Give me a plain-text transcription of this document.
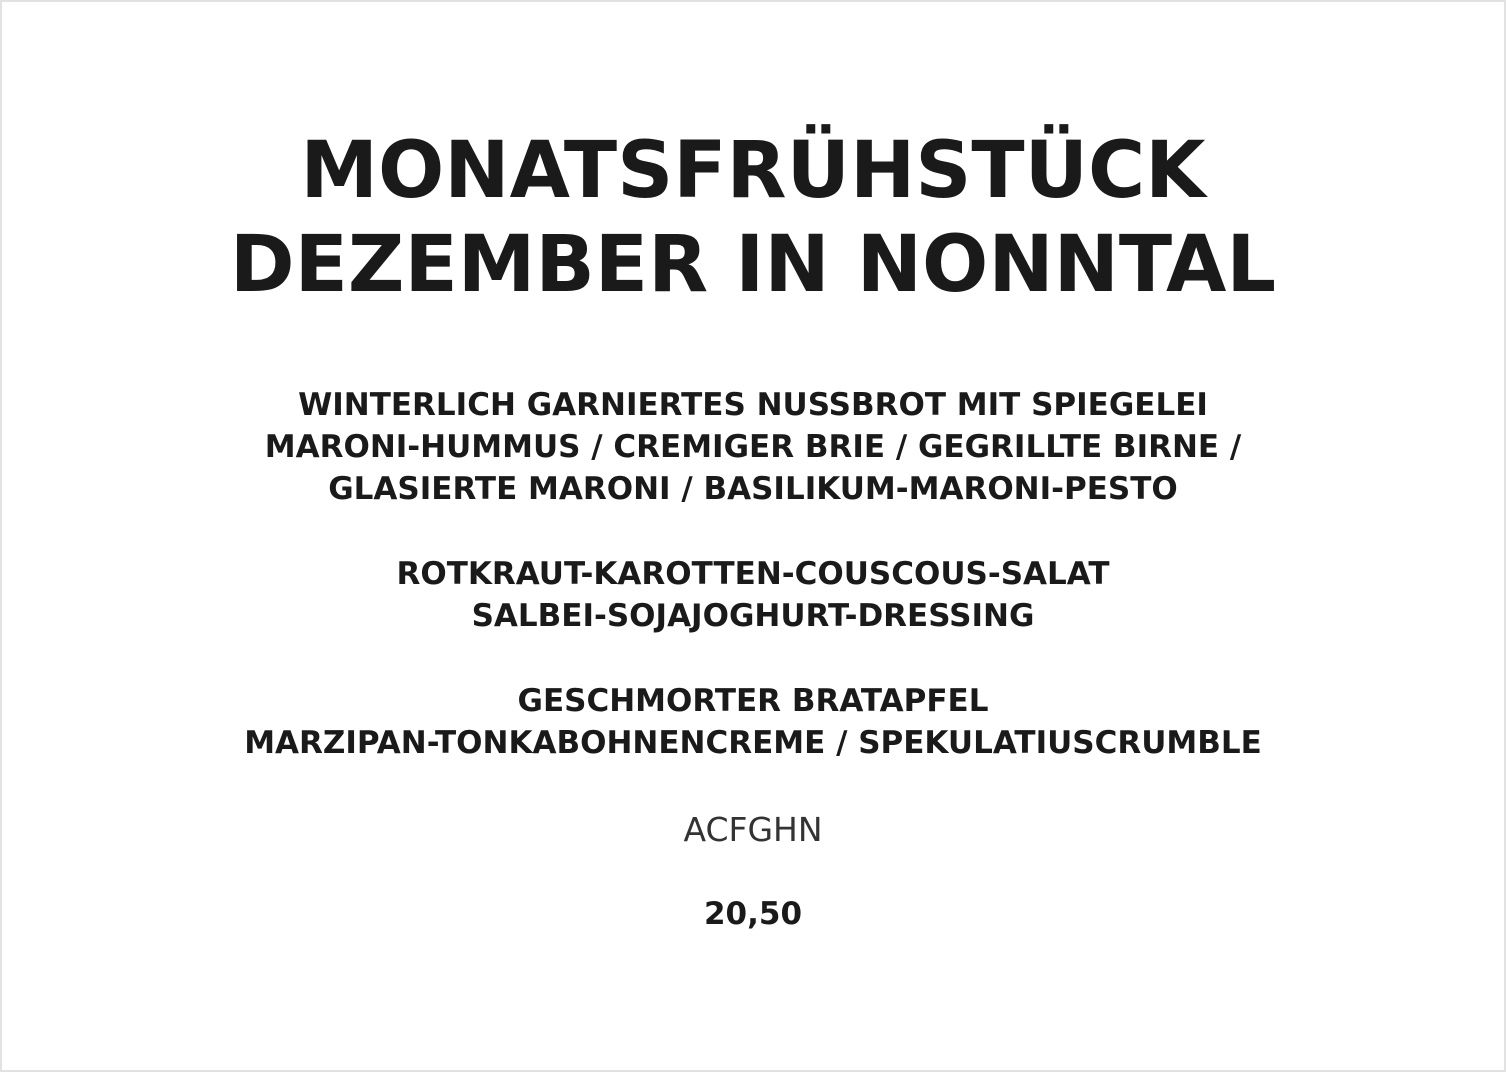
MONATSFRÜHSTÜCK
DEZEMBER IN NONNTAL
WINTERLICH GARNIERTES NUSSBROT MIT SPIEGELEI
MARONI-HUMMUS / CREMIGER BRIE / GEGRILLTE BIRNE /
GLASIERTE MARONI / BASILIKUM-MARONI-PESTO
ROTKRAUT-KAROTTEN-COUSCOUS-SALAT
SALBEI-SOJAJOGHURT-DRESSING
GESCHMORTER BRATAPFEL
MARZIPAN-TONKABOHNENCREME / SPEKULATIUSCRUMBLE
ACFGHN
20,50
